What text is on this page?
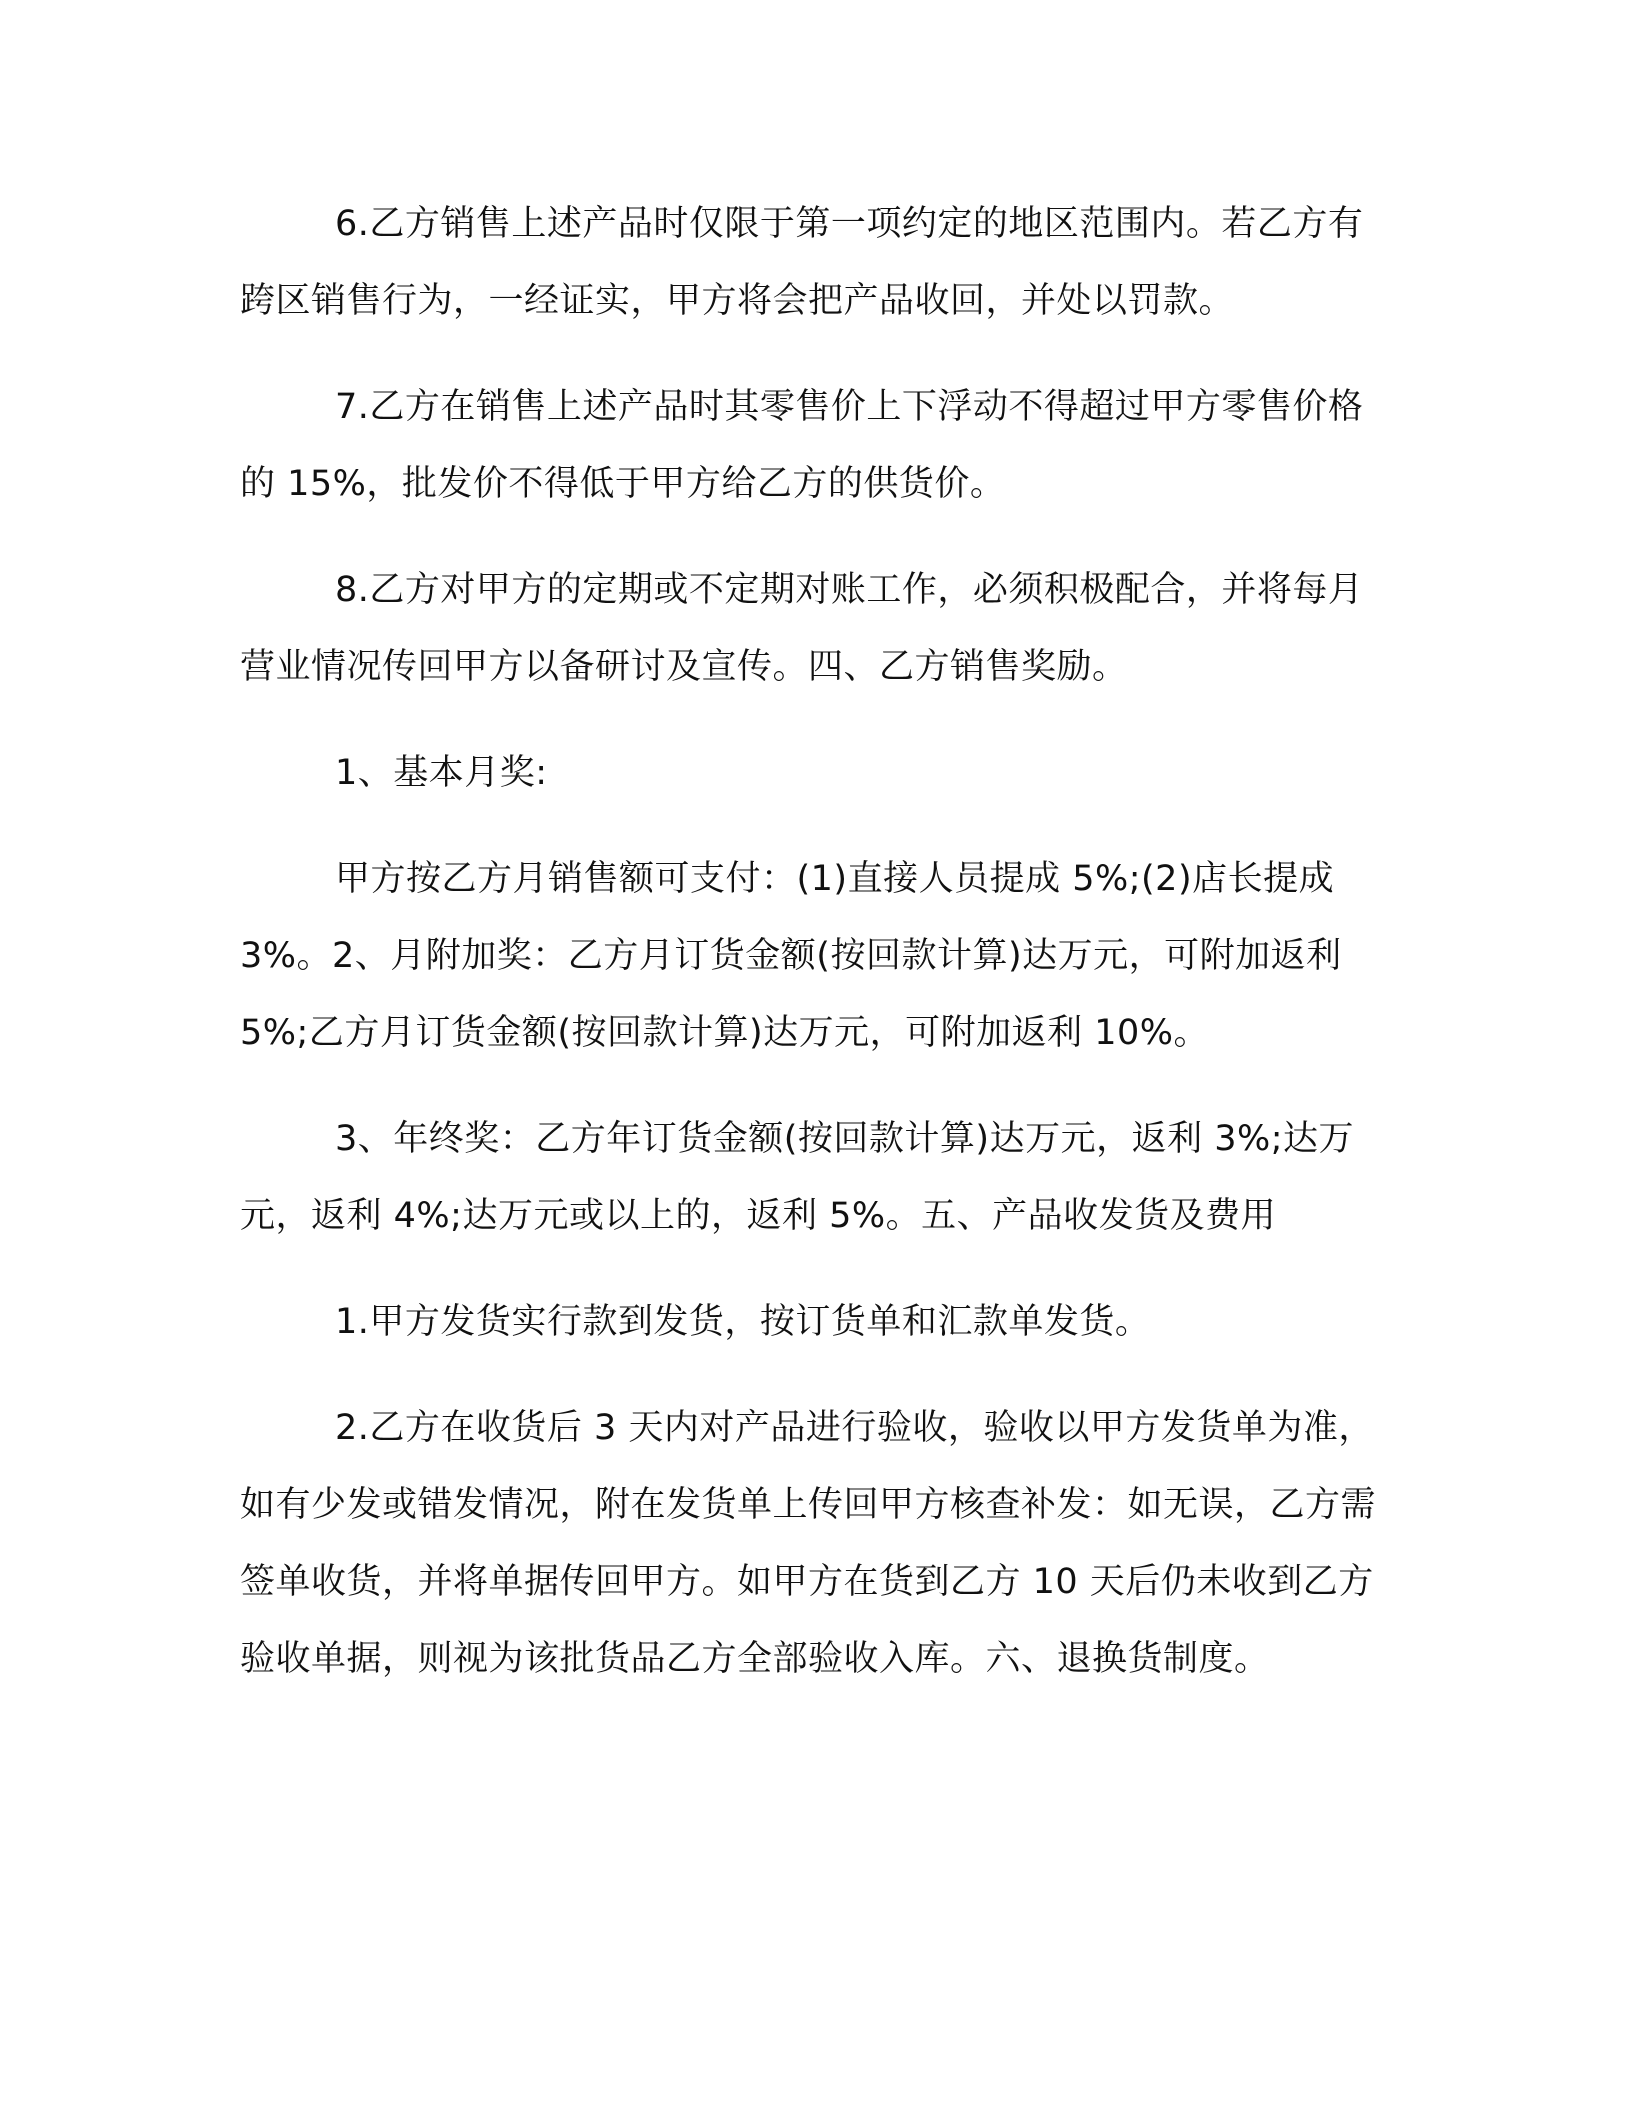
6.乙方销售上述产品时仅限于第一项约定的地区范围内。若乙方有跨区销售行为，一经证实，甲方将会把产品收回，并处以罚款。

7.乙方在销售上述产品时其零售价上下浮动不得超过甲方零售价格的 15%，批发价不得低于甲方给乙方的供货价。

8.乙方对甲方的定期或不定期对账工作，必须积极配合，并将每月营业情况传回甲方以备研讨及宣传。四、乙方销售奖励。

1、基本月奖:

甲方按乙方月销售额可支付：(1)直接人员提成 5%;(2)店长提成 3%。2、月附加奖：乙方月订货金额(按回款计算)达万元，可附加返利 5%;乙方月订货金额(按回款计算)达万元，可附加返利 10%。

3、年终奖：乙方年订货金额(按回款计算)达万元，返利 3%;达万元，返利 4%;达万元或以上的，返利 5%。五、产品收发货及费用

1.甲方发货实行款到发货，按订货单和汇款单发货。

2.乙方在收货后 3 天内对产品进行验收，验收以甲方发货单为准，如有少发或错发情况，附在发货单上传回甲方核查补发：如无误，乙方需签单收货，并将单据传回甲方。如甲方在货到乙方 10 天后仍未收到乙方验收单据，则视为该批货品乙方全部验收入库。六、退换货制度。
